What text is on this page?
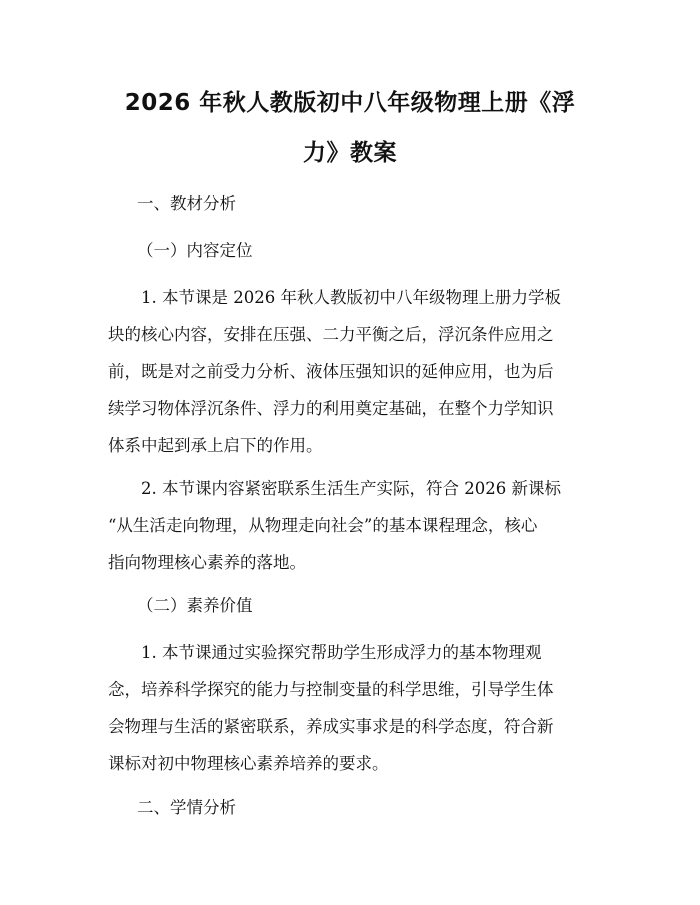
2026 年秋人教版初中八年级物理上册《浮
力》教案

一、教材分析

（一）内容定位

1. 本节课是 2026 年秋人教版初中八年级物理上册力学板
块的核心内容，安排在压强、二力平衡之后，浮沉条件应用之
前，既是对之前受力分析、液体压强知识的延伸应用，也为后
续学习物体浮沉条件、浮力的利用奠定基础，在整个力学知识
体系中起到承上启下的作用。
2. 本节课内容紧密联系生活生产实际，符合 2026 新课标
“从生活走向物理，从物理走向社会”的基本课程理念，核心
指向物理核心素养的落地。

（二）素养价值

1. 本节课通过实验探究帮助学生形成浮力的基本物理观
念，培养科学探究的能力与控制变量的科学思维，引导学生体
会物理与生活的紧密联系，养成实事求是的科学态度，符合新
课标对初中物理核心素养培养的要求。

二、学情分析
